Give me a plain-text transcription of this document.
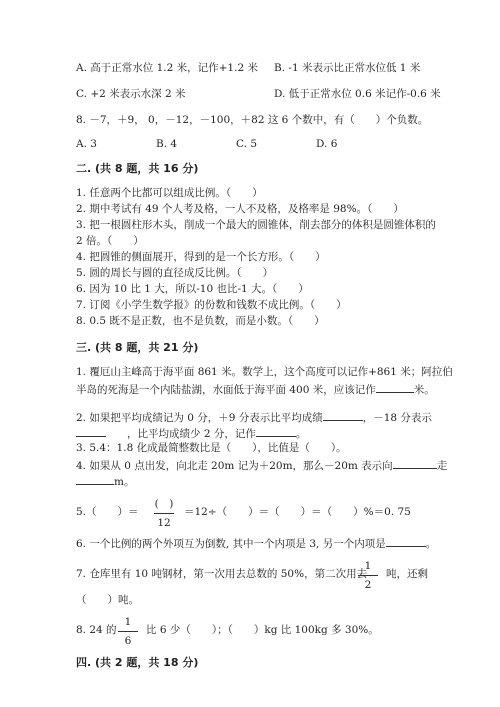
A. 高于正常水位 1.2 米，记作+1.2 米 B. -1 米表示比正常水位低 1 米
C. +2 米表示水深 2 米	D. 低于正常水位 0.6 米记作-0.6 米
8. －7，＋9， 0，－12，－100，＋82 这 6 个数中，有（　　）个负数。
A. 3	B. 4	C. 5	D. 6
二. (共 8 题，共 16 分)
1. 任意两个比都可以组成比例。（　　）
2. 期中考试有 49 个人考及格，一人不及格，及格率是 98%。（　　）
3. 把一根圆柱形木头，削成一个最大的圆锥体，削去部分的体积是圆锥体积的
2 倍。（　　）
4. 把圆锥的侧面展开，得到的是一个长方形。（　　）
5. 圆的周长与圆的直径成反比例。（　　）
6. 因为 10 比 1 大，所以-10 也比-1 大。（　　）
7. 订阅《小学生数学报》的份数和钱数不成比例。（　　）
8. 0.5 既不是正数，也不是负数，而是小数。（　　）
三. (共 8 题，共 21 分)
1. 覆厄山主峰高于海平面 861 米。数学上，这个高度可以记作+861 米；阿拉伯
半岛的死海是一个内陆盐湖，水面低于海平面 400 米，应该记作	米。
2. 如果把平均成绩记为 0 分，＋9 分表示比平均成绩	，－18 分表示
　　，比平均成绩少 2 分，记作	。
3. 5.4：1.8 化成最简整数比是（　　），比值是（　　）。
4. 如果从 0 点出发，向北走 20m 记为＋20m，那么－20m 表示向	走
m。
5.（　　）＝
(　)
12
＝12÷（　　）＝（　　）＝（　　）%＝0. 75
6. 一个比例的两个外项互为倒数, 其中一个内项是 3, 另一个内项是	。
7. 仓库里有 10 吨钢材，第一次用去总数的 50%，第二次用去
1
2
吨，还剩
（　　）吨。
8. 24 的
1
6
比 6 少（　　）；（　　）kg 比 100kg 多 30%。
四. (共 2 题，共 18 分)
